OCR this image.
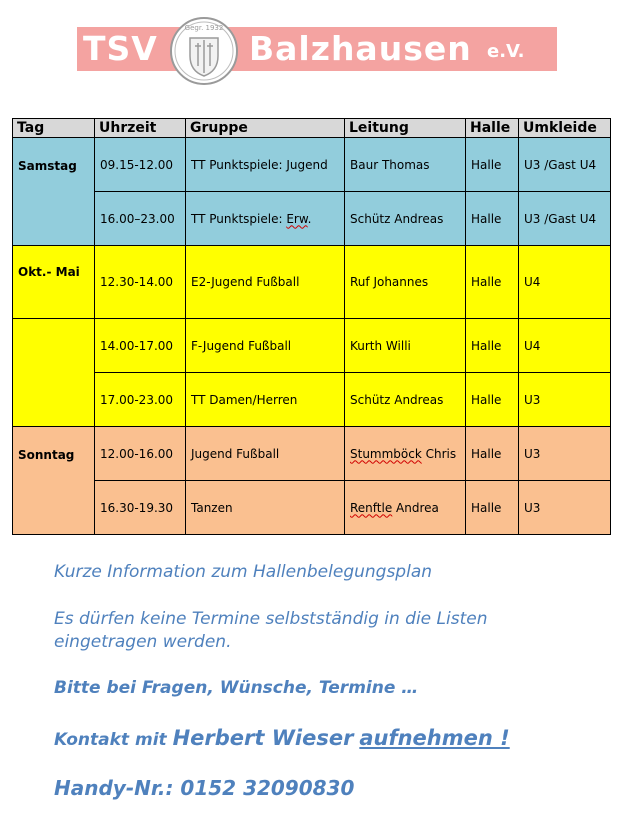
TSV	Balzhausen e.V.
Gegr. 1932
Tag	Uhrzeit	Gruppe	Leitung	Halle	Umkleide
Samstag	09.15-12.00	TT Punktspiele: Jugend	Baur Thomas	Halle	U3 /Gast U4
	16.00–23.00	TT Punktspiele: Erw.	Schütz Andreas	Halle	U3 /Gast U4
Okt.- Mai	12.30-14.00	E2-Jugend Fußball	Ruf Johannes	Halle	U4
	14.00-17.00	F-Jugend Fußball	Kurth Willi	Halle	U4
	17.00-23.00	TT Damen/Herren	Schütz Andreas	Halle	U3
Sonntag	12.00-16.00	Jugend Fußball	Stummböck Chris	Halle	U3
	16.30-19.30	Tanzen	Renftle Andrea	Halle	U3
Kurze Information zum Hallenbelegungsplan
Es dürfen keine Termine selbstständig in die Listen
eingetragen werden.
Bitte bei Fragen, Wünsche, Termine …
Kontakt mit Herbert Wieser aufnehmen !
Handy-Nr.: 0152 32090830
